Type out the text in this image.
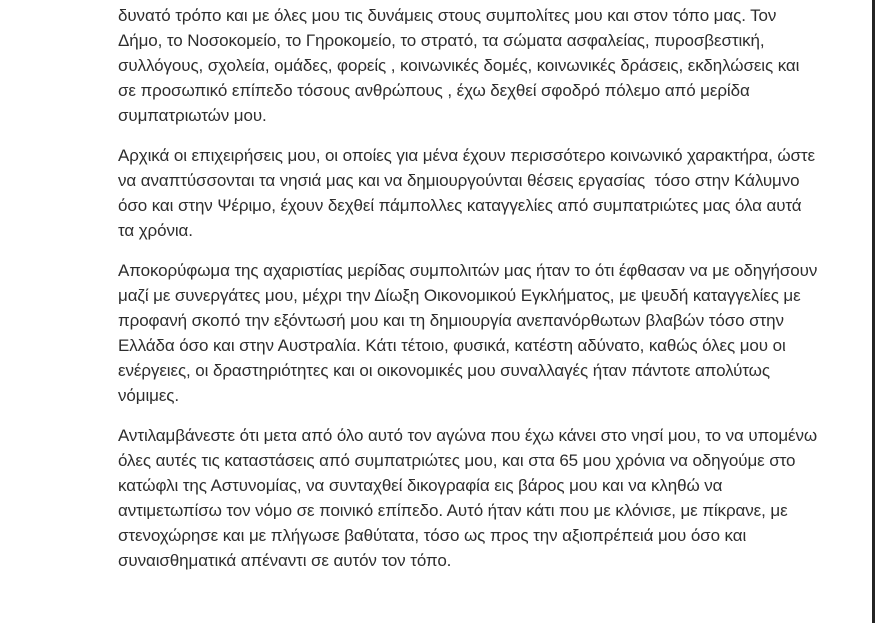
δυνατό τρόπο και με όλες μου τις δυνάμεις στους συμπολίτες μου και στον τόπο μας. Τον Δήμο, το Νοσοκομείο, το Γηροκομείο, το στρατό, τα σώματα ασφαλείας, πυροσβεστική, συλλόγους, σχολεία, ομάδες, φορείς , κοινωνικές δομές, κοινωνικές δράσεις, εκδηλώσεις και σε προσωπικό επίπεδο τόσους ανθρώπους , έχω δεχθεί σφοδρό πόλεμο από μερίδα συμπατριωτών μου.

Αρχικά οι επιχειρήσεις μου, οι οποίες για μένα έχουν περισσότερο κοινωνικό χαρακτήρα, ώστε να αναπτύσσονται τα νησιά μας και να δημιουργούνται θέσεις εργασίας  τόσο στην Κάλυμνο όσο και στην Ψέριμο, έχουν δεχθεί πάμπολλες καταγγελίες από συμπατριώτες μας όλα αυτά τα χρόνια.

Αποκορύφωμα της αχαριστίας μερίδας συμπολιτών μας ήταν το ότι έφθασαν να με οδηγήσουν  μαζί με συνεργάτες μου, μέχρι την Δίωξη Οικονομικού Εγκλήματος, με ψευδή καταγγελίες με προφανή σκοπό την εξόντωσή μου και τη δημιουργία ανεπανόρθωτων βλαβών τόσο στην Ελλάδα όσο και στην Αυστραλία. Κάτι τέτοιο, φυσικά, κατέστη αδύνατο, καθώς όλες μου οι ενέργειες, οι δραστηριότητες και οι οικονομικές μου συναλλαγές ήταν πάντοτε απολύτως νόμιμες.

Αντιλαμβάνεστε ότι μετα από όλο αυτό τον αγώνα που έχω κάνει στο νησί μου, το να υπομένω όλες αυτές τις καταστάσεις από συμπατριώτες μου, και στα 65 μου χρόνια να οδηγούμε στο κατώφλι της Αστυνομίας, να συνταχθεί δικογραφία εις βάρος μου και να κληθώ να αντιμετωπίσω τον νόμο σε ποινικό επίπεδο. Αυτό ήταν κάτι που με κλόνισε, με πίκρανε, με στενοχώρησε και με πλήγωσε βαθύτατα, τόσο ως προς την αξιοπρέπειά μου όσο και συναισθηματικά απέναντι σε αυτόν τον τόπο.
